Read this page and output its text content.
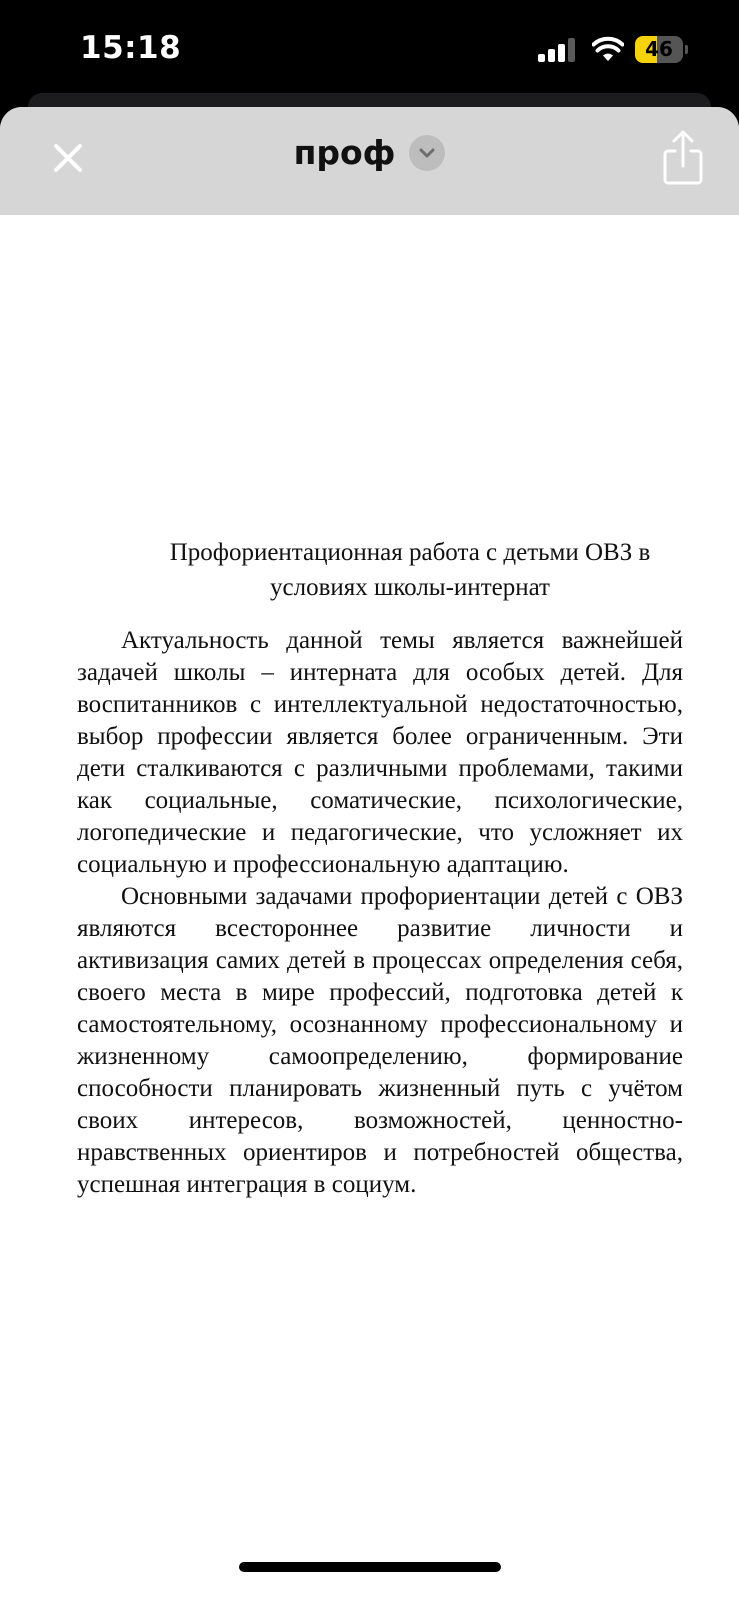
15:18	46
проф
Профориентационная работа с детьми ОВЗ в
условиях школы-интернат

Актуальность данной темы является важнейшей задачей школы – интерната для особых детей. Для воспитанников с интеллектуальной недостаточностью, выбор профессии является более ограниченным. Эти дети сталкиваются с различными проблемами, такими как социальные, соматические, психологические, логопедические и педагогические, что усложняет их социальную и профессиональную адаптацию.

Основными задачами профориентации детей с ОВЗ являются всестороннее развитие личности и активизация самих детей в процессах определения себя, своего места в мире профессий, подготовка детей к самостоятельному, осознанному профессиональному и жизненному самоопределению, формирование способности планировать жизненный путь с учётом своих интересов, возможностей, ценностно-нравственных ориентиров и потребностей общества, успешная интеграция в социум.
